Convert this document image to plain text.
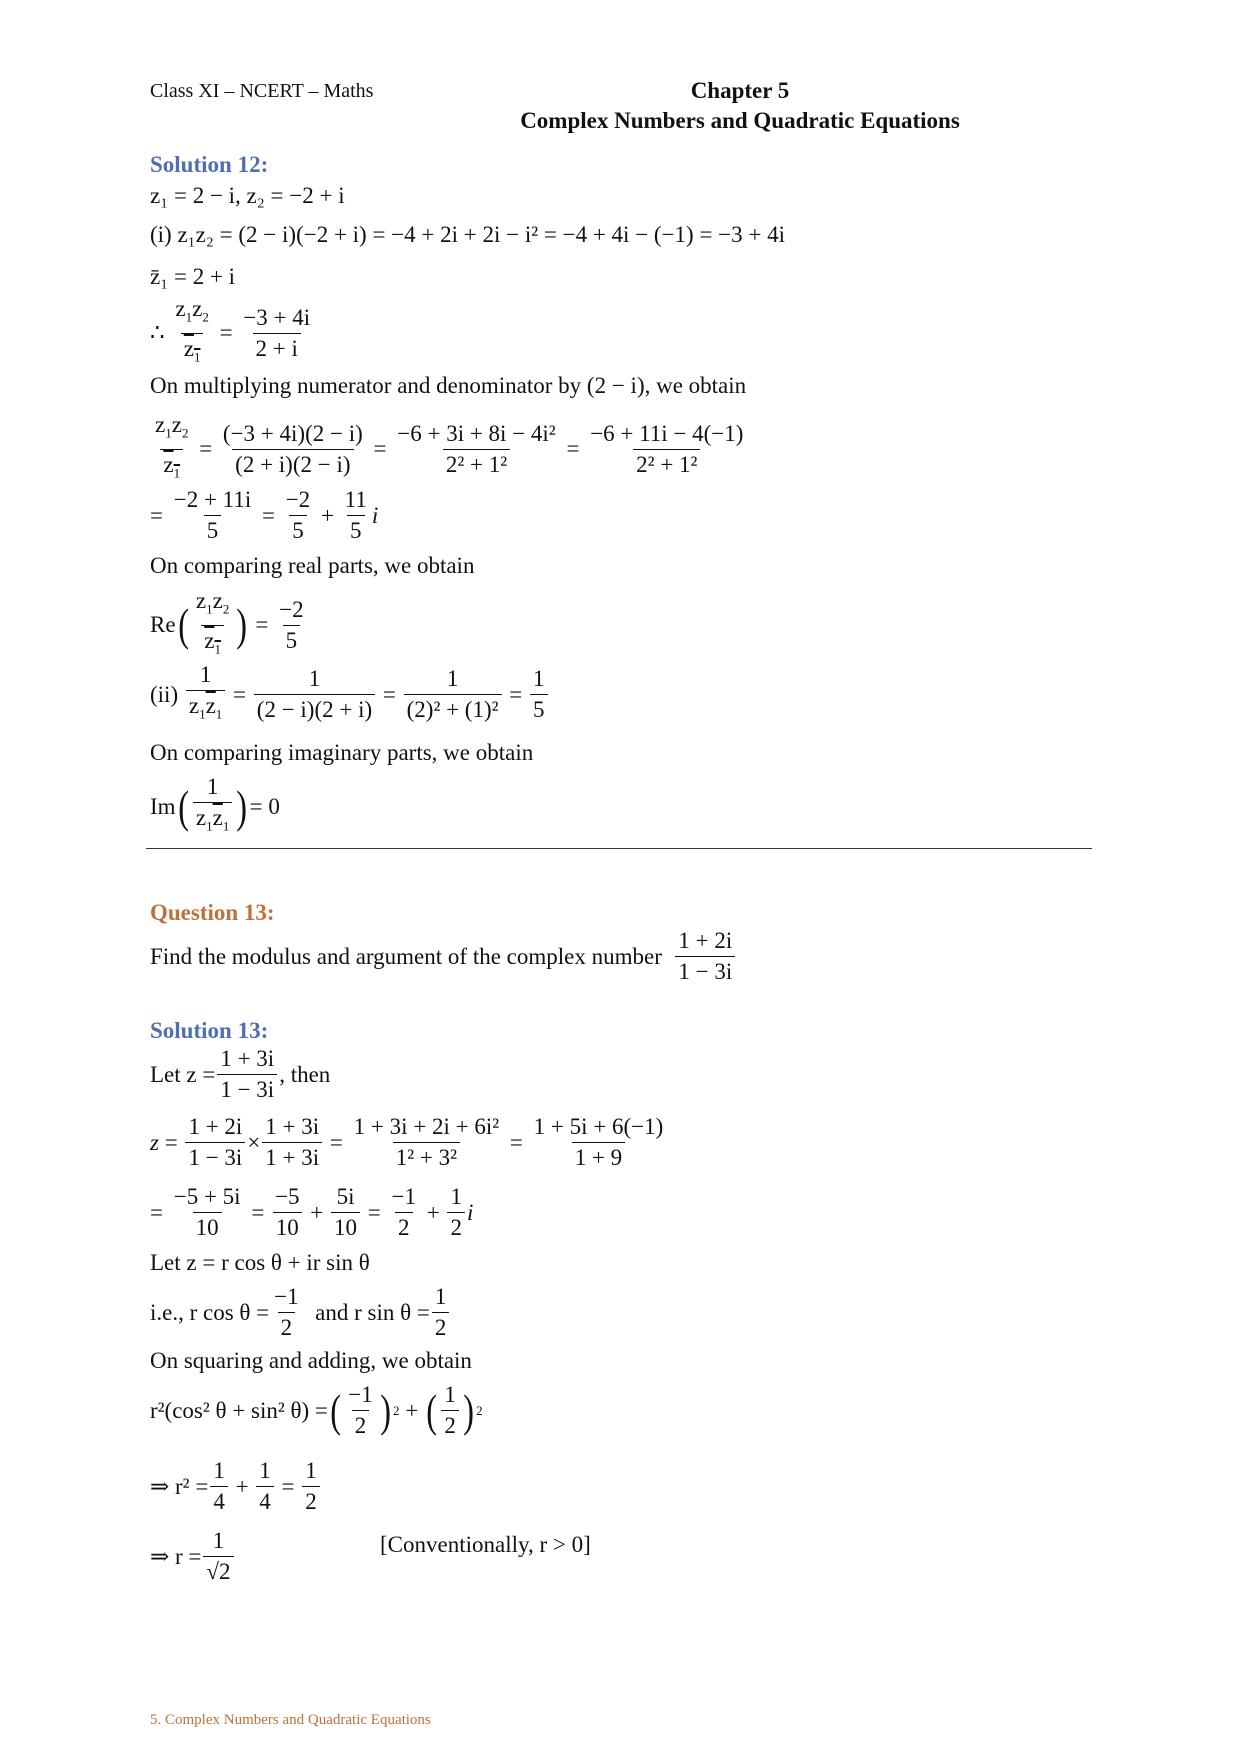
Class XI – NCERT – Maths	Chapter 5
Complex Numbers and Quadratic Equations
Solution 12:
z₁ = 2 − i, z₂ = −2 + i
(i) z₁z₂ = (2 − i)(−2 + i) = −4 + 2i + 2i − i² = −4 + 4i − (−1) = −3 + 4i
z̄₁ = 2 + i
∴ $\frac{z_1z_2}{z_1} = \frac{-3 + 4i}{2 + i}$
On multiplying numerator and denominator by (2 − i), we obtain
$\frac{z_1z_2}{z_1} = \frac{(-3 + 4i)(2 - i)}{(2 + i)(2 - i)} = \frac{\text{−6 + 3i + 8i − 4i²}}{\text{2² + 1²}} = \frac{-6 + 11i - 4(-1)}{\text{2² + 1²}}$
= $\frac{-2 + 11i}{5} = \frac{-2}{5} + \frac{11}{5}$ i
On comparing real parts, we obtain
Re ( $\frac{z_1z_2}{z_1}$ ) = $\frac{-2}{5}$
(ii)
$\frac{1}{z_1\overline{z}_1} = \frac{1}{(2 - i)(2 + i)} = \frac{1}{\text{(2)² + (1)²}} = \frac{1}{5}$
On comparing imaginary parts, we obtain
Im ( $\frac{1}{z_1\overline{z}_1}$ ) = 0
Question 13:
Find the modulus and argument of the complex number
$\frac{1 + 2i}{1 - 3i}$
Solution 13:
Let $z = \frac{1 + 3i}{1 - 3i}$ , then
$z = \frac{1 + 2i}{1 - 3i} \times \frac{1 + 3i}{1 + 3i} = \frac{\text{1 + 3i + 2i + 6i²}}{\text{1² + 3²}} = \frac{1 + 5i + 6(-1)}{1 + 9}$
= $\frac{-5 + 5i}{10} = \frac{-5}{10} + \frac{5i}{10} = \frac{-1}{2} + \frac{1}{2}$ i
Let z = r cos θ + ir sin θ
i.e., r $\cos \theta = \frac{-1}{2}$
and r $\sin \theta = \frac{1}{2}$
On squaring and adding, we obtain
r²(cos² θ + sin² θ) = ( $\frac{-1}{2}$ ) 2 + ( $\frac{1}{2}$ ) 2
⇒ $r^2 = \frac{1}{4} + \frac{1}{4} = \frac{1}{2}$
⇒ $r = \frac{1}{√2}$	[Conventionally, r > 0]
5. Complex Numbers and Quadratic Equations
